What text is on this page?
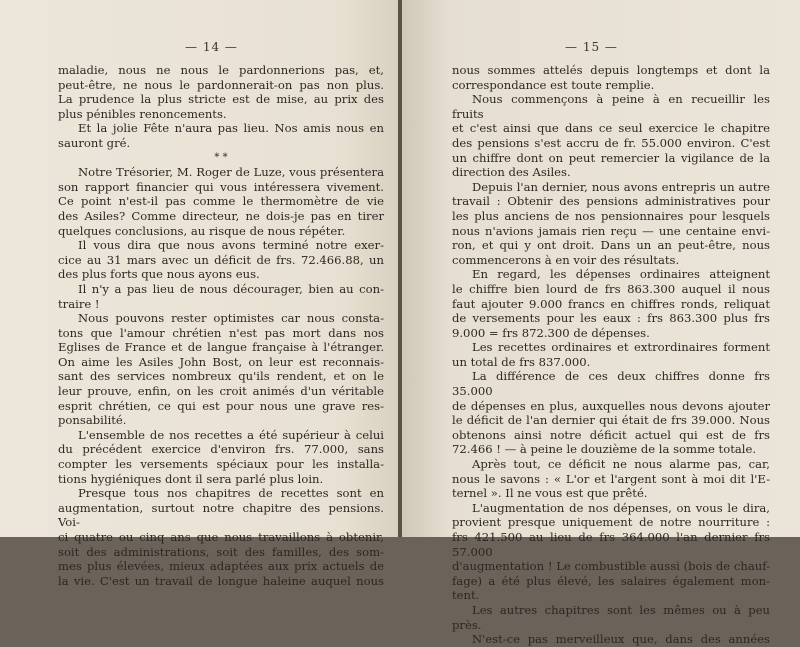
— 14 —

maladie, nous ne nous le pardonnerions pas, et,

peut-être, ne nous le pardonnerait-on pas non plus.

La prudence la plus stricte est de mise, au prix des

plus pénibles renoncements.

Et la jolie Fête n'aura pas lieu. Nos amis nous en

sauront gré.

* *

Notre Trésorier, M. Roger de Luze, vous présentera

son rapport financier qui vous intéressera vivement.

Ce point n'est-il pas comme le thermomètre de vie

des Asiles? Comme directeur, ne dois-je pas en tirer

quelques conclusions, au risque de nous répéter.

Il vous dira que nous avons terminé notre exer-

cice au 31 mars avec un déficit de frs. 72.466.88, un

des plus forts que nous ayons eus.

Il n'y a pas lieu de nous décourager, bien au con-

traire !

Nous pouvons rester optimistes car nous consta-

tons que l'amour chrétien n'est pas mort dans nos

Eglises de France et de langue française à l'étranger.

On aime les Asiles John Bost, on leur est reconnais-

sant des services nombreux qu'ils rendent, et on le

leur prouve, enfin, on les croit animés d'un véritable

esprit chrétien, ce qui est pour nous une grave res-

ponsabilité.

L'ensemble de nos recettes a été supérieur à celui

du précédent exercice d'environ frs. 77.000, sans

compter les versements spéciaux pour les installa-

tions hygiéniques dont il sera parlé plus loin.

Presque tous nos chapitres de recettes sont en

augmentation, surtout notre chapitre des pensions. Voi-

ci quatre ou cinq ans que nous travaillons à obtenir,

soit des administrations, soit des familles, des som-

mes plus élevées, mieux adaptées aux prix actuels de

la vie. C'est un travail de longue haleine auquel nous

— 15 —

nous sommes attelés depuis longtemps et dont la

correspondance est toute remplie.

Nous commençons à peine à en recueillir les fruits

et c'est ainsi que dans ce seul exercice le chapitre

des pensions s'est accru de fr. 55.000 environ. C'est

un chiffre dont on peut remercier la vigilance de la

direction des Asiles.

Depuis l'an dernier, nous avons entrepris un autre

travail : Obtenir des pensions administratives pour

les plus anciens de nos pensionnaires pour lesquels

nous n'avions jamais rien reçu — une centaine envi-

ron, et qui y ont droit. Dans un an peut-être, nous

commencerons à en voir des résultats.

En regard, les dépenses ordinaires atteignent

le chiffre bien lourd de frs 863.300 auquel il nous

faut ajouter 9.000 francs en chiffres ronds, reliquat

de versements pour les eaux : frs 863.300 plus frs

9.000 = frs 872.300 de dépenses.

Les recettes ordinaires et extrordinaires forment

un total de frs 837.000.

La différence de ces deux chiffres donne frs 35.000

de dépenses en plus, auxquelles nous devons ajouter

le déficit de l'an dernier qui était de frs 39.000. Nous

obtenons ainsi notre déficit actuel qui est de frs

72.466 ! — à peine le douzième de la somme totale.

Après tout, ce déficit ne nous alarme pas, car,

nous le savons : « L'or et l'argent sont à moi dit l'E-

ternel ». Il ne vous est que prêté.

L'augmentation de nos dépenses, on vous le dira,

provient presque uniquement de notre nourriture :

frs 421.500 au lieu de frs 364.000 l'an dernier frs 57.000

d'augmentation ! Le combustible aussi (bois de chauf-

fage) a été plus élevé, les salaires également mon-

tent.

Les autres chapitres sont les mêmes ou à peu près.

N'est-ce pas merveilleux que, dans des années
